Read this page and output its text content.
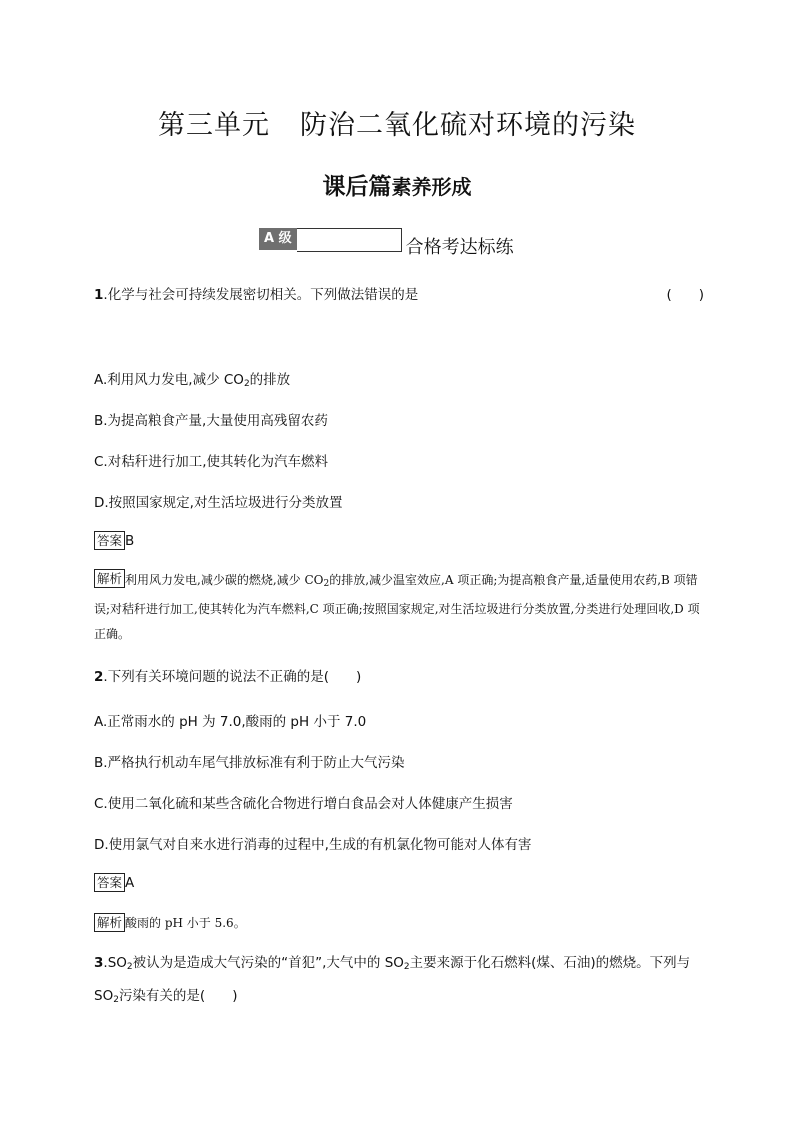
第三单元 防治二氧化硫对环境的污染
课后篇素养形成
A 级	合格考达标练
1.化学与社会可持续发展密切相关。下列做法错误的是	(　　)
A.利用风力发电,减少 $CO_2$的排放
B.为提高粮食产量,大量使用高残留农药
C.对秸秆进行加工,使其转化为汽车燃料
D.按照国家规定,对生活垃圾进行分类放置
答案 B
解析 利用风力发电,减少碳的燃烧,减少 $CO_2$的排放,减少温室效应,A 项正确;为提高粮食产量,适量使用农药,B 项错误;对秸秆进行加工,使其转化为汽车燃料,C 项正确;按照国家规定,对生活垃圾进行分类放置,分类进行处理回收,D 项正确。
2.下列有关环境问题的说法不正确的是(　　)
A.正常雨水的 pH 为 7.0,酸雨的 pH 小于 7.0
B.严格执行机动车尾气排放标准有利于防止大气污染
C.使用二氧化硫和某些含硫化合物进行增白食品会对人体健康产生损害
D.使用氯气对自来水进行消毒的过程中,生成的有机氯化物可能对人体有害
答案 A
解析 酸雨的 pH 小于 5.6。
$3.SO_2$被认为是造成大气污染的“首犯”,大气中的 $SO_2$主要来源于化石燃料(煤、石油)的燃烧。下列与 $SO_2$污染有关的是(　　)
